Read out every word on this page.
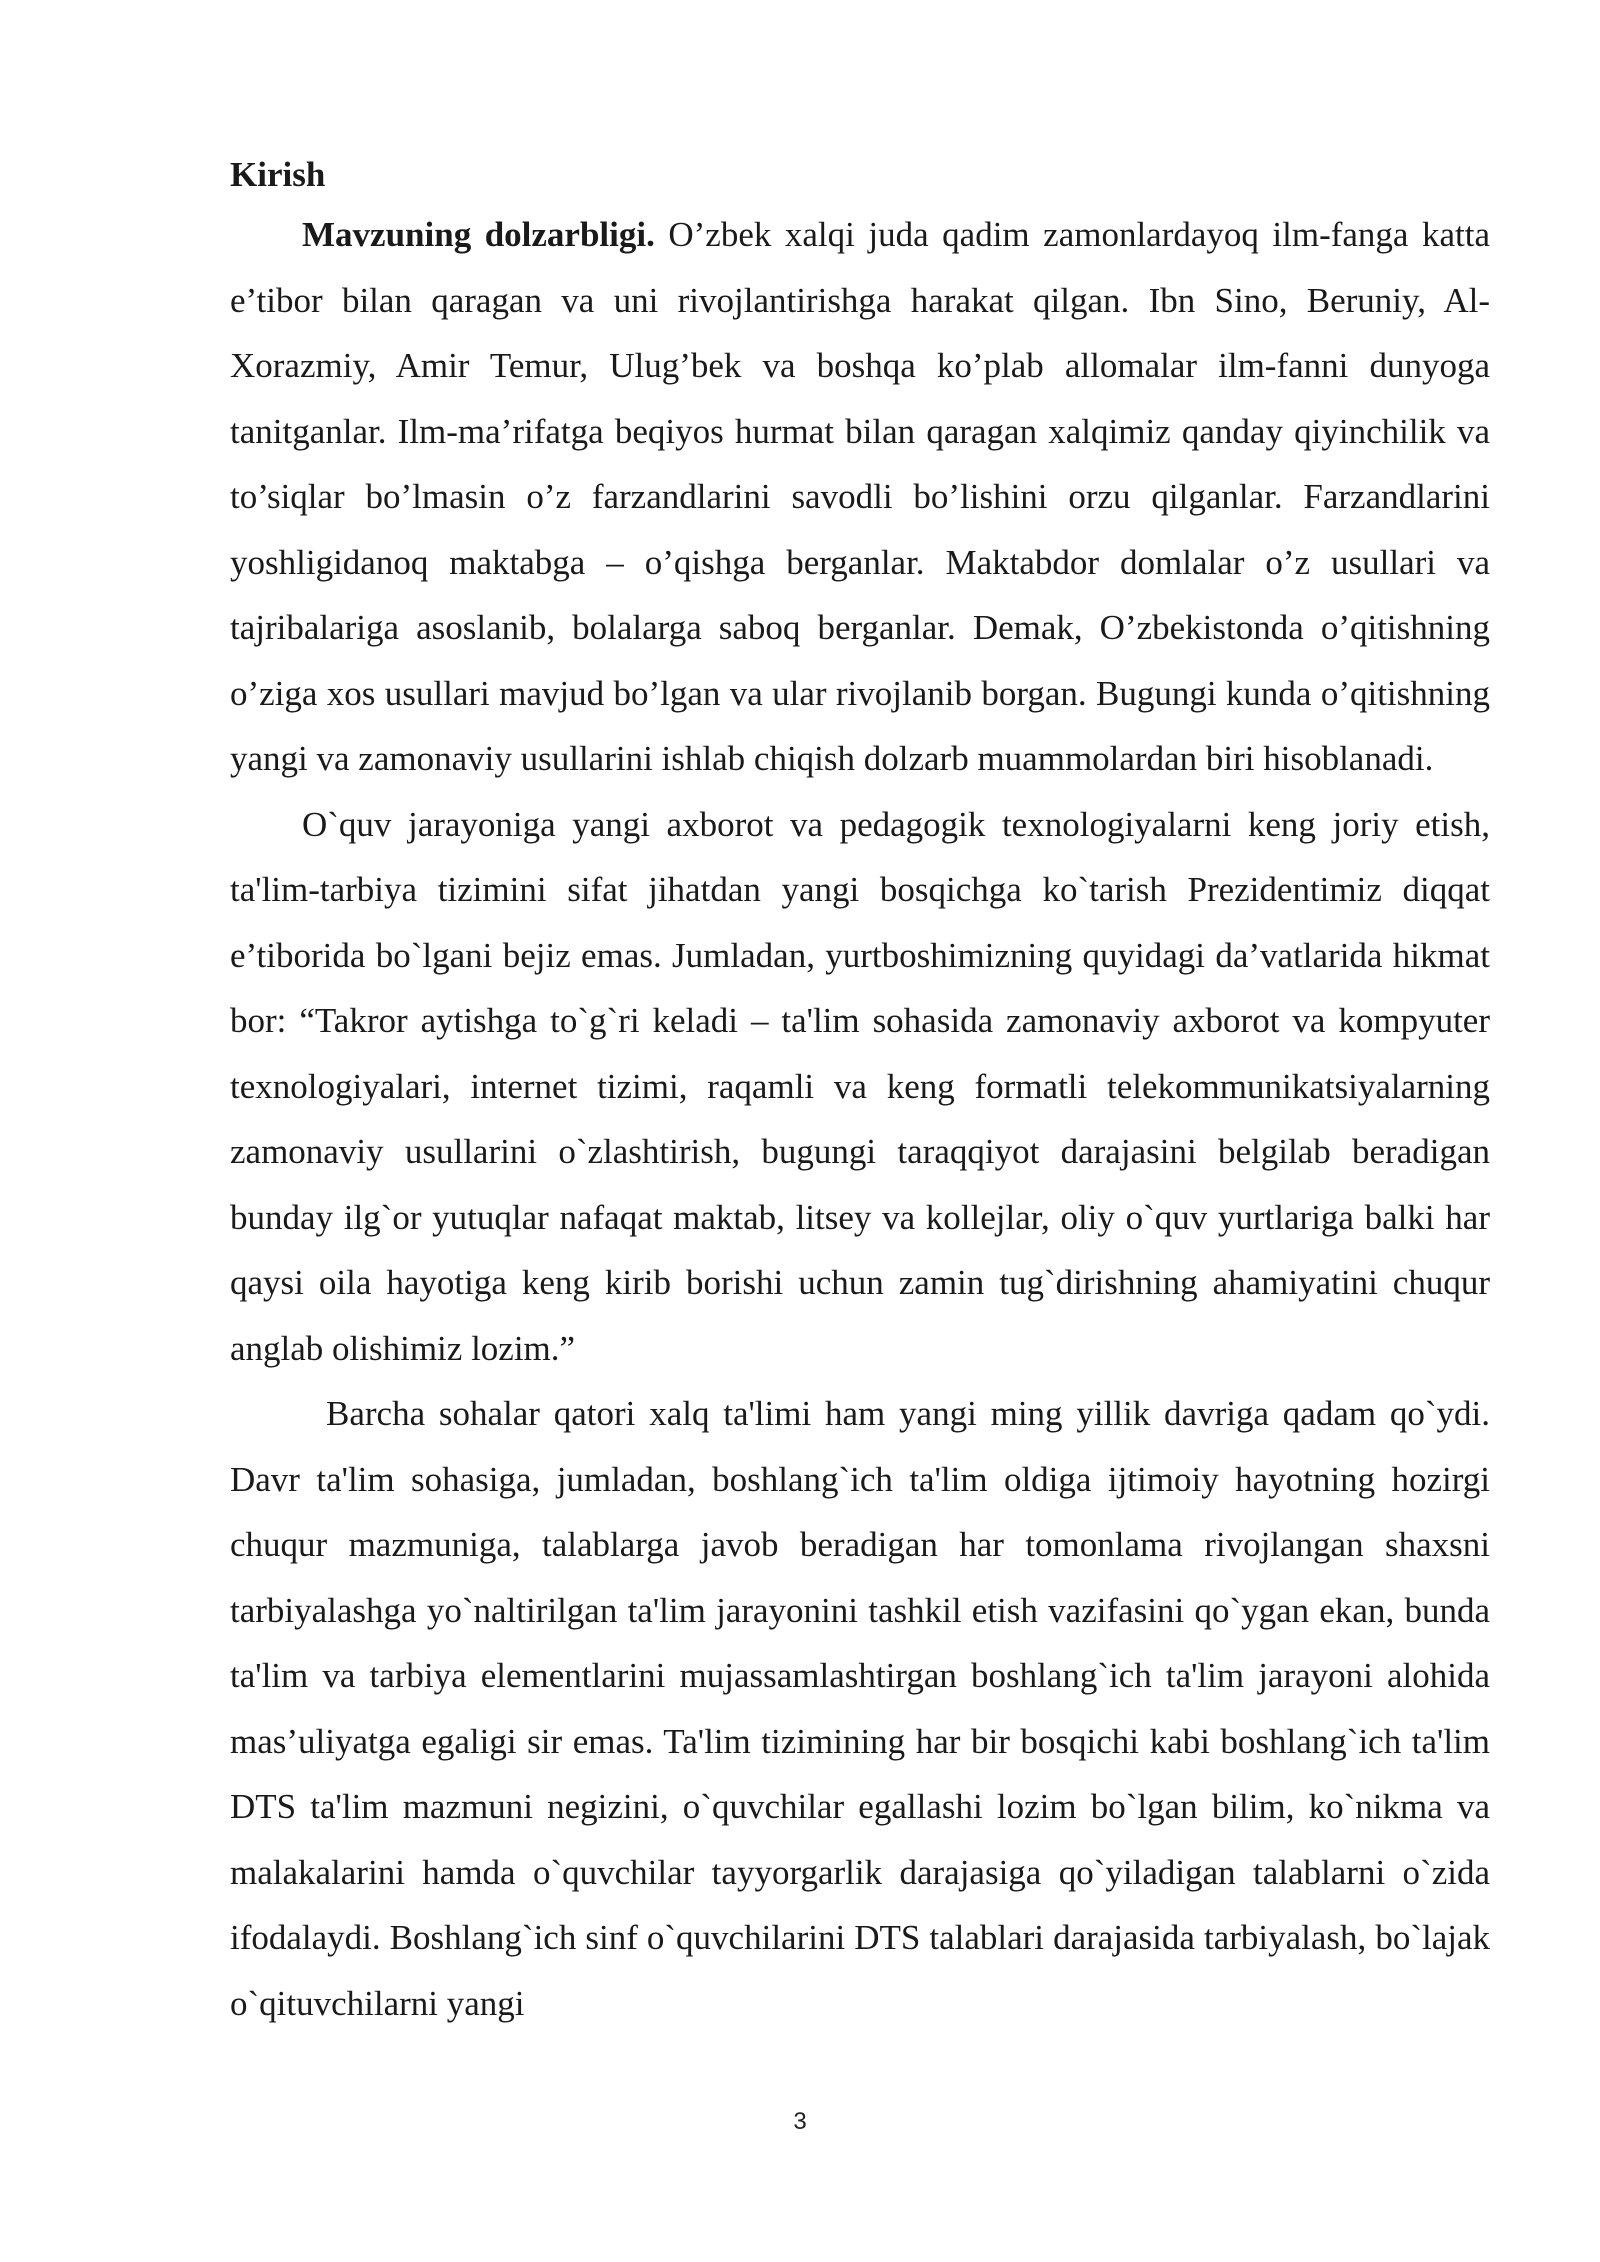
Kirish

Mavzuning dolzarbligi. O’zbek xalqi juda qadim zamonlardayoq ilm-fanga katta e’tibor bilan qaragan va uni rivojlantirishga harakat qilgan. Ibn Sino, Beruniy, Al-Xorazmiy, Amir Temur, Ulug’bek va boshqa ko’plab allomalar ilm-fanni dunyoga tanitganlar. Ilm-ma’rifatga beqiyos hurmat bilan qaragan xalqimiz qanday qiyinchilik va to’siqlar bo’lmasin o’z farzandlarini savodli bo’lishini orzu qilganlar. Farzandlarini yoshligidanoq maktabga – o’qishga berganlar. Maktabdor domlalar o’z usullari va tajribalariga asoslanib, bolalarga saboq berganlar. Demak, O’zbekistonda o’qitishning o’ziga xos usullari mavjud bo’lgan va ular rivojlanib borgan. Bugungi kunda o’qitishning yangi va zamonaviy usullarini ishlab chiqish dolzarb muammolardan biri hisoblanadi.

O`quv jarayoniga yangi axborot va pedagogik texnologiyalarni keng joriy etish, ta'lim-tarbiya tizimini sifat jihatdan yangi bosqichga ko`tarish Prezidentimiz diqqat e’tiborida bo`lgani bejiz emas. Jumladan, yurtboshimizning quyidagi da’vatlarida hikmat bor: “Takror aytishga to`g`ri keladi – ta'lim sohasida zamonaviy axborot va kompyuter texnologiyalari, internet tizimi, raqamli va keng formatli telekommunikatsiyalarning zamonaviy usullarini o`zlashtirish, bugungi taraqqiyot darajasini belgilab beradigan bunday ilg`or yutuqlar nafaqat maktab, litsey va kollejlar, oliy o`quv yurtlariga balki har qaysi oila hayotiga keng kirib borishi uchun zamin tug`dirishning ahamiyatini chuqur anglab olishimiz lozim.”

Barcha sohalar qatori xalq ta'limi ham yangi ming yillik davriga qadam qo`ydi. Davr ta'lim sohasiga, jumladan, boshlang`ich ta'lim oldiga ijtimoiy hayotning hozirgi chuqur mazmuniga, talablarga javob beradigan har tomonlama rivojlangan shaxsni tarbiyalashga yo`naltirilgan ta'lim jarayonini tashkil etish vazifasini qo`ygan ekan, bunda ta'lim va tarbiya elementlarini mujassamlashtirgan boshlang`ich ta'lim jarayoni alohida mas’uliyatga egaligi sir emas. Ta'lim tizimining har bir bosqichi kabi boshlang`ich ta'lim DTS ta'lim mazmuni negizini, o`quvchilar egallashi lozim bo`lgan bilim, ko`nikma va malakalarini hamda o`quvchilar tayyorgarlik darajasiga qo`yiladigan talablarni o`zida ifodalaydi. Boshlang`ich sinf o`quvchilarini DTS talablari darajasida tarbiyalash, bo`lajak o`qituvchilarni yangi

3
